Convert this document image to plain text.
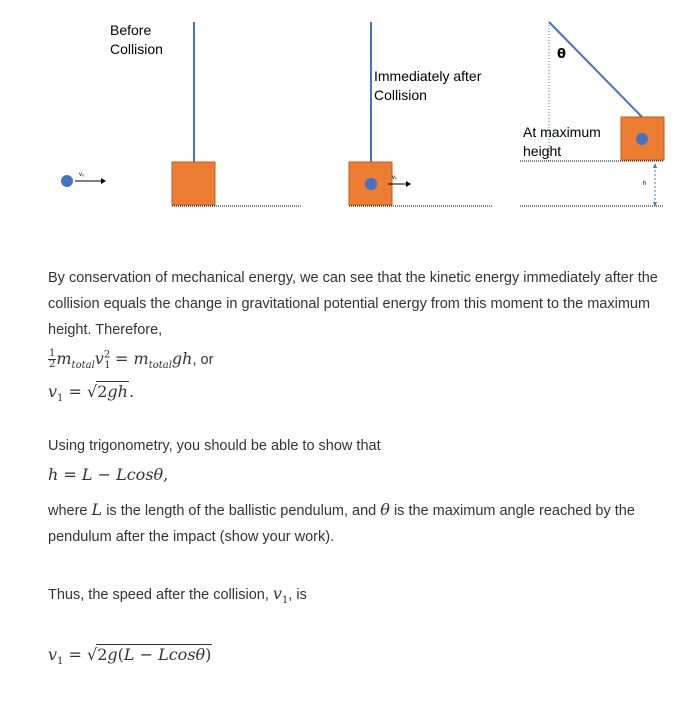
Before
Collision
Immediately after
Collision
At maximum
height
θ
v₀	v₁
h
By conservation of mechanical energy, we can see that the kinetic energy immediately after the collision equals the change in gravitational potential energy from this moment to the maximum height. Therefore,
$\frac{1}{2} m_{total}v^2_1 = m_{total}gh$, or
$v_1 = √2gh$.
Using trigonometry, you should be able to show that
h = L − Lcosθ,
where L is the length of the ballistic pendulum, and θ is the maximum angle reached by the pendulum after the impact (show your work).
Thus, the speed after the collision, $v_1$, is
$v_1 = √2g(L - Lcos\theta)$
